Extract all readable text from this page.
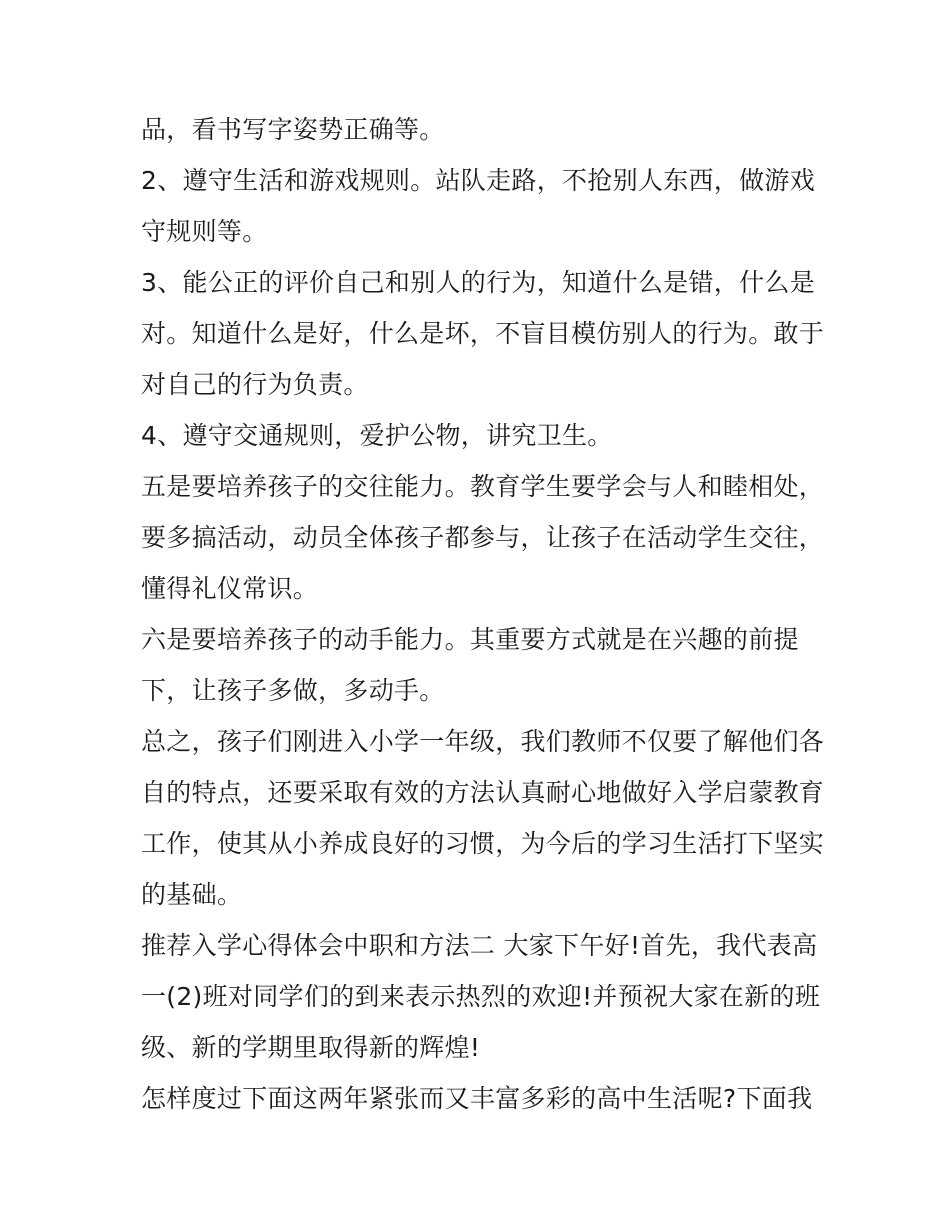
品，看书写字姿势正确等。
2、遵守生活和游戏规则。站队走路，不抢别人东西，做游戏
守规则等。
3、能公正的评价自己和别人的行为，知道什么是错，什么是
对。知道什么是好，什么是坏，不盲目模仿别人的行为。敢于
对自己的行为负责。
4、遵守交通规则，爱护公物，讲究卫生。
五是要培养孩子的交往能力。教育学生要学会与人和睦相处，
要多搞活动，动员全体孩子都参与，让孩子在活动学生交往，
懂得礼仪常识。
六是要培养孩子的动手能力。其重要方式就是在兴趣的前提
下，让孩子多做，多动手。
总之，孩子们刚进入小学一年级，我们教师不仅要了解他们各
自的特点，还要采取有效的方法认真耐心地做好入学启蒙教育
工作，使其从小养成良好的习惯，为今后的学习生活打下坚实
的基础。
推荐入学心得体会中职和方法二 大家下午好!首先，我代表高
一(2)班对同学们的到来表示热烈的欢迎!并预祝大家在新的班
级、新的学期里取得新的辉煌!
怎样度过下面这两年紧张而又丰富多彩的高中生活呢?下面我
